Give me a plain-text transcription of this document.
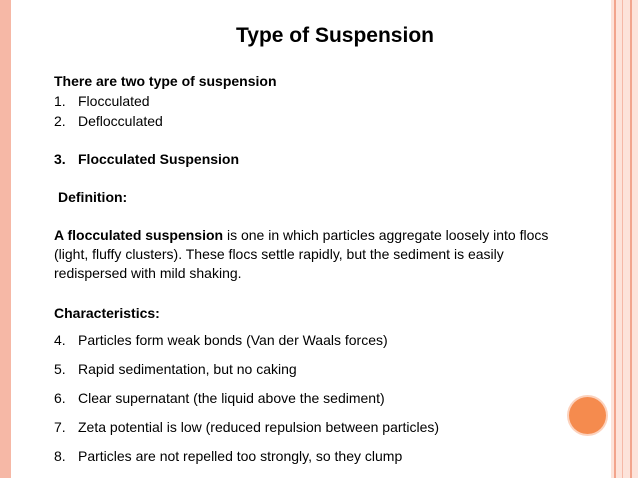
Type of Suspension

There are two type of suspension

1. Flocculated

2. Deflocculated

3. Flocculated Suspension

Definition:

A flocculated suspension is one in which particles aggregate loosely into flocs

(light, fluffy clusters). These flocs settle rapidly, but the sediment is easily

redispersed with mild shaking.

Characteristics:

4. Particles form weak bonds (Van der Waals forces)

5. Rapid sedimentation, but no caking

6. Clear supernatant (the liquid above the sediment)

7. Zeta potential is low (reduced repulsion between particles)

8. Particles are not repelled too strongly, so they clump
